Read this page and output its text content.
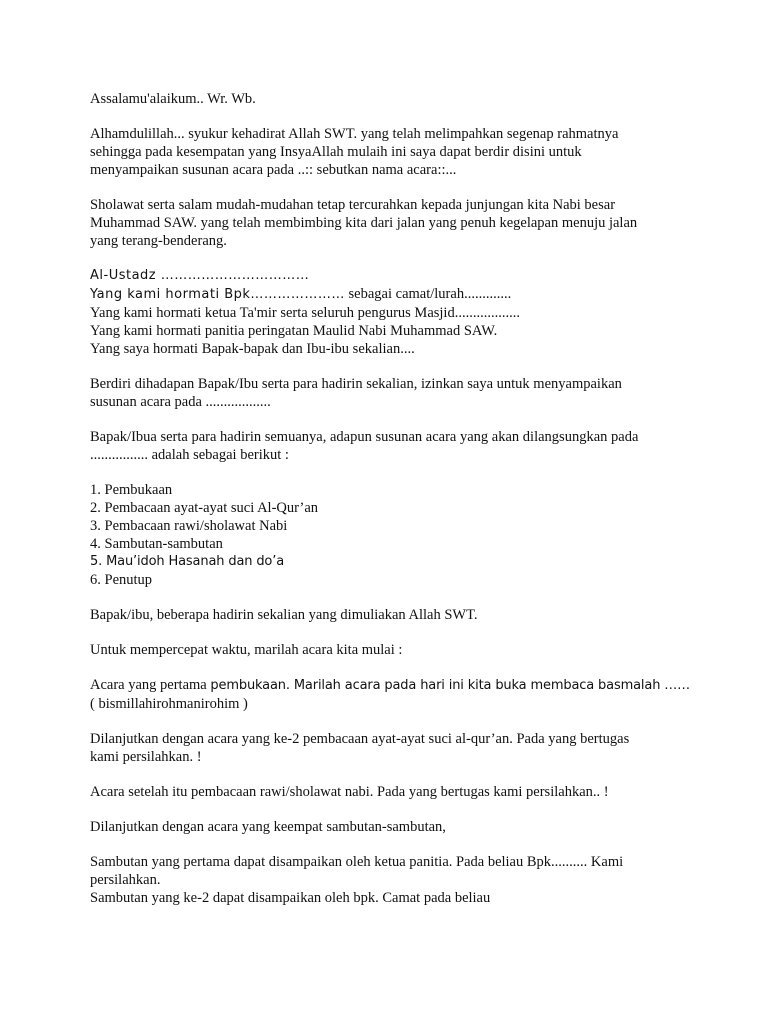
Assalamu'alaikum.. Wr. Wb.

Alhamdulillah... syukur kehadirat Allah SWT. yang telah melimpahkan segenap rahmatnya
sehingga pada kesempatan yang InsyaAllah mulaih ini saya dapat berdir disini untuk
menyampaikan susunan acara pada ..:: sebutkan nama acara::...

Sholawat serta salam mudah-mudahan tetap tercurahkan kepada junjungan kita Nabi besar
Muhammad SAW. yang telah membimbing kita dari jalan yang penuh kegelapan menuju jalan
yang terang-benderang.

Al-Ustadz ……………………………
Yang kami hormati Bpk………………… sebagai camat/lurah.............
Yang kami hormati ketua Ta'mir serta seluruh pengurus Masjid..................
Yang kami hormati panitia peringatan Maulid Nabi Muhammad SAW.
Yang saya hormati Bapak-bapak dan Ibu-ibu sekalian....

Berdiri dihadapan Bapak/Ibu serta para hadirin sekalian, izinkan saya untuk menyampaikan
susunan acara pada ..................

Bapak/Ibua serta para hadirin semuanya, adapun susunan acara yang akan dilangsungkan pada
................ adalah sebagai berikut :

1. Pembukaan
2. Pembacaan ayat-ayat suci Al-Qur’an
3. Pembacaan rawi/sholawat Nabi
4. Sambutan-sambutan
5. Mau’idoh Hasanah dan do’a
6. Penutup

Bapak/ibu, beberapa hadirin sekalian yang dimuliakan Allah SWT.

Untuk mempercepat waktu, marilah acara kita mulai :

Acara yang pertama pembukaan. Marilah acara pada hari ini kita buka membaca basmalah ……
( bismillahirohmanirohim )

Dilanjutkan dengan acara yang ke-2 pembacaan ayat-ayat suci al-qur’an. Pada yang bertugas
kami persilahkan. !

Acara setelah itu pembacaan rawi/sholawat nabi. Pada yang bertugas kami persilahkan.. !

Dilanjutkan dengan acara yang keempat sambutan-sambutan,

Sambutan yang pertama dapat disampaikan oleh ketua panitia. Pada beliau Bpk.......... Kami
persilahkan.
Sambutan yang ke-2 dapat disampaikan oleh bpk. Camat pada beliau
